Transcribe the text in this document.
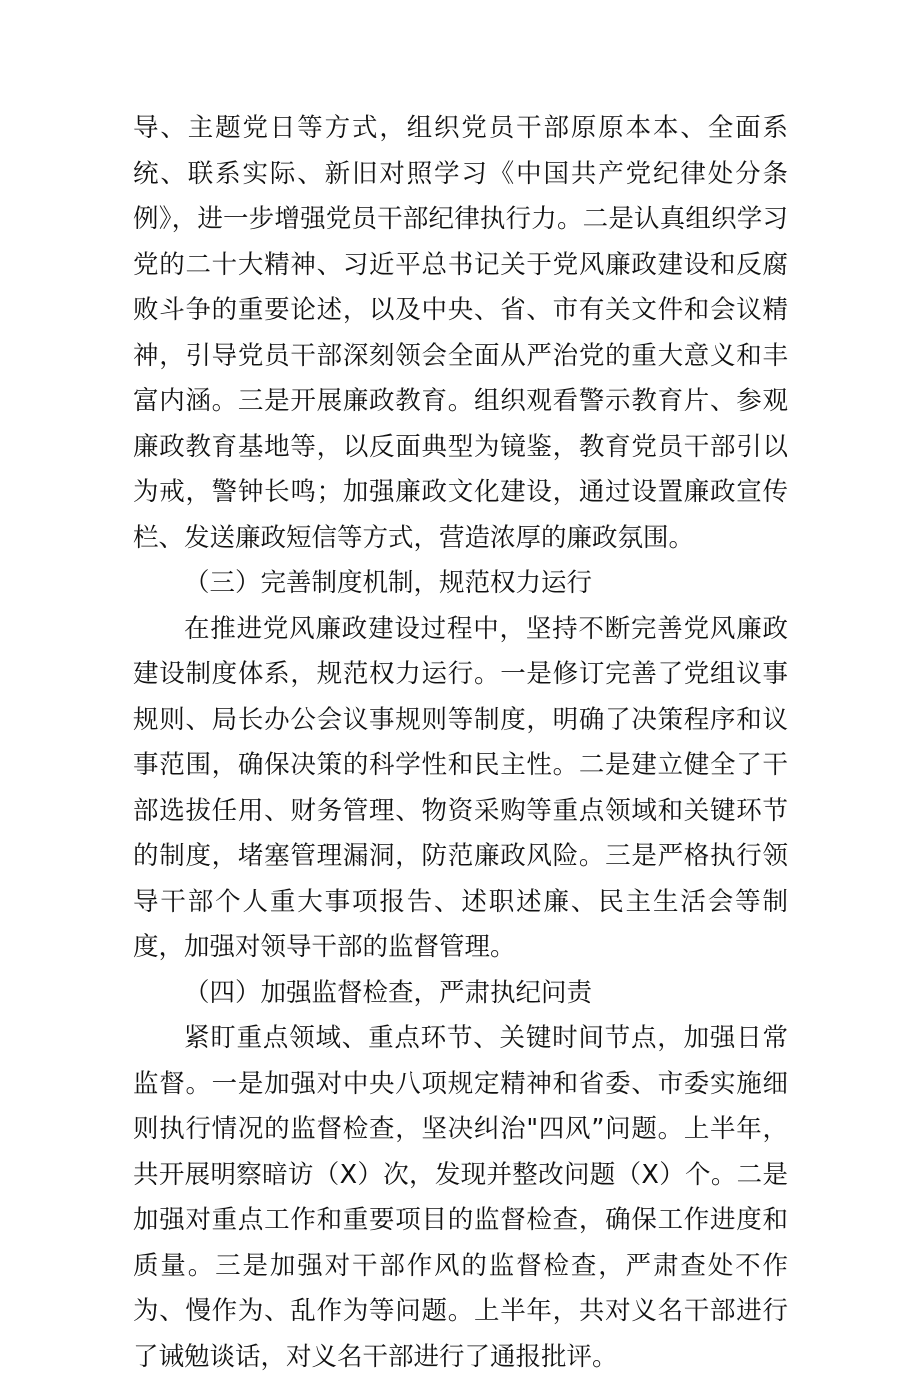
导、主题党日等方式，组织党员干部原原本本、全面系统、联系实际、新旧对照学习《中国共产党纪律处分条例》，进一步增强党员干部纪律执行力。二是认真组织学习党的二十大精神、习近平总书记关于党风廉政建设和反腐败斗争的重要论述，以及中央、省、市有关文件和会议精神，引导党员干部深刻领会全面从严治党的重大意义和丰富内涵。三是开展廉政教育。组织观看警示教育片、参观廉政教育基地等，以反面典型为镜鉴，教育党员干部引以为戒，警钟长鸣；加强廉政文化建设，通过设置廉政宣传栏、发送廉政短信等方式，营造浓厚的廉政氛围。

（三）完善制度机制，规范权力运行

在推进党风廉政建设过程中，坚持不断完善党风廉政建设制度体系，规范权力运行。一是修订完善了党组议事规则、局长办公会议事规则等制度，明确了决策程序和议事范围，确保决策的科学性和民主性。二是建立健全了干部选拔任用、财务管理、物资采购等重点领域和关键环节的制度，堵塞管理漏洞，防范廉政风险。三是严格执行领导干部个人重大事项报告、述职述廉、民主生活会等制度，加强对领导干部的监督管理。

（四）加强监督检查，严肃执纪问责

紧盯重点领域、重点环节、关键时间节点，加强日常监督。一是加强对中央八项规定精神和省委、市委实施细则执行情况的监督检查，坚决纠治"四风”问题。上半年，共开展明察暗访（X）次，发现并整改问题（X）个。二是加强对重点工作和重要项目的监督检查，确保工作进度和质量。三是加强对干部作风的监督检查，严肃查处不作为、慢作为、乱作为等问题。上半年，共对义名干部进行了诫勉谈话，对义名干部进行了通报批评。
